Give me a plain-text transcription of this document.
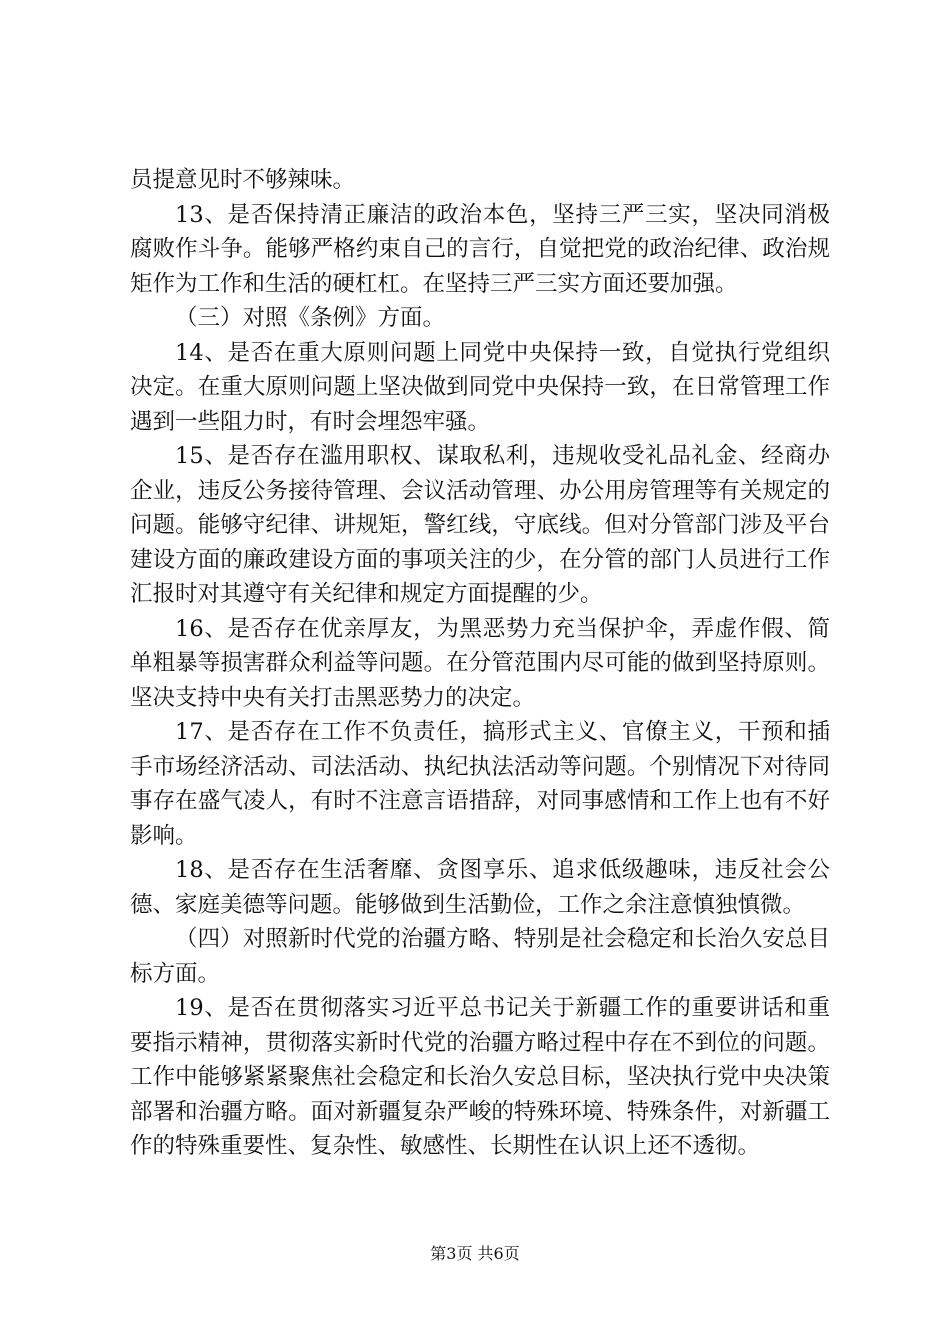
员提意见时不够辣味。

13、是否保持清正廉洁的政治本色，坚持三严三实，坚决同消极腐败作斗争。能够严格约束自己的言行，自觉把党的政治纪律、政治规矩作为工作和生活的硬杠杠。在坚持三严三实方面还要加强。

（三）对照《条例》方面。

14、是否在重大原则问题上同党中央保持一致，自觉执行党组织决定。在重大原则问题上坚决做到同党中央保持一致，在日常管理工作遇到一些阻力时，有时会埋怨牢骚。

15、是否存在滥用职权、谋取私利，违规收受礼品礼金、经商办企业，违反公务接待管理、会议活动管理、办公用房管理等有关规定的问题。能够守纪律、讲规矩，警红线，守底线。但对分管部门涉及平台建设方面的廉政建设方面的事项关注的少，在分管的部门人员进行工作汇报时对其遵守有关纪律和规定方面提醒的少。

16、是否存在优亲厚友，为黑恶势力充当保护伞，弄虚作假、简单粗暴等损害群众利益等问题。在分管范围内尽可能的做到坚持原则。坚决支持中央有关打击黑恶势力的决定。

17、是否存在工作不负责任，搞形式主义、官僚主义，干预和插手市场经济活动、司法活动、执纪执法活动等问题。个别情况下对待同事存在盛气凌人，有时不注意言语措辞，对同事感情和工作上也有不好影响。

18、是否存在生活奢靡、贪图享乐、追求低级趣味，违反社会公德、家庭美德等问题。能够做到生活勤俭，工作之余注意慎独慎微。

（四）对照新时代党的治疆方略、特别是社会稳定和长治久安总目标方面。

19、是否在贯彻落实习近平总书记关于新疆工作的重要讲话和重要指示精神，贯彻落实新时代党的治疆方略过程中存在不到位的问题。工作中能够紧紧聚焦社会稳定和长治久安总目标，坚决执行党中央决策部署和治疆方略。面对新疆复杂严峻的特殊环境、特殊条件，对新疆工作的特殊重要性、复杂性、敏感性、长期性在认识上还不透彻。

第3页 共6页
